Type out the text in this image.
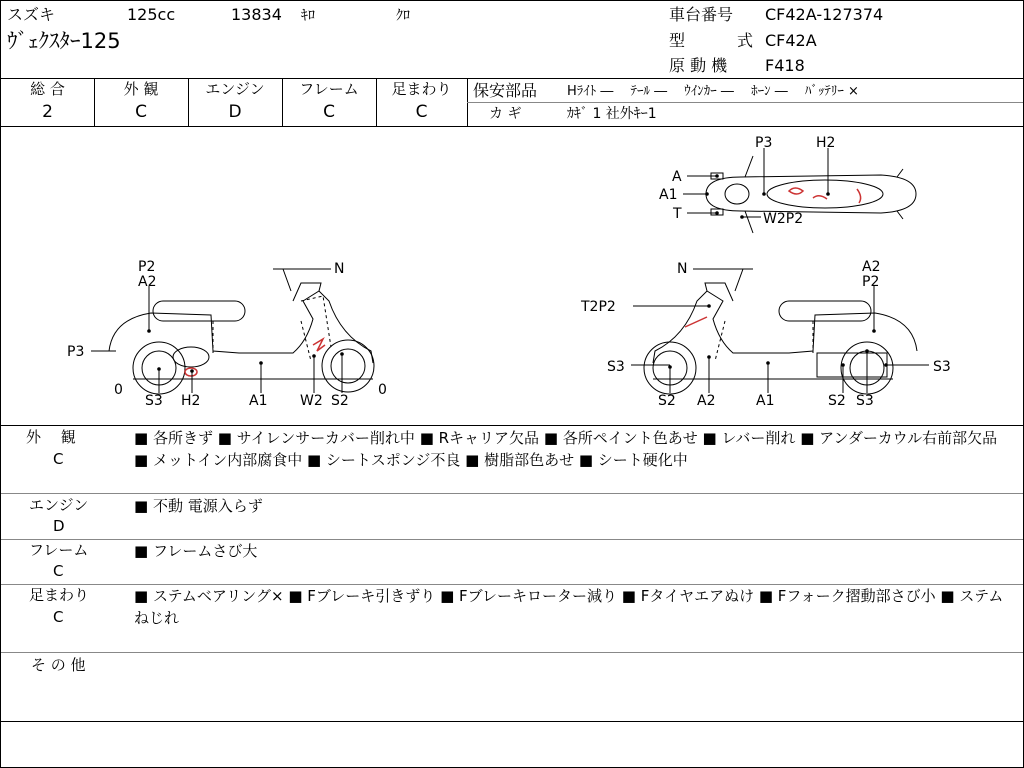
スズキ	125cc	13834 ｷﾛ	ｸﾛ
ｳﾞｪｸｽﾀｰ125
車台番号 CF42A-127374
型	式 CF42A
原 動 機 F418
総 合
2
外 観
C
エンジン
D
フレーム
C
足まわり
C
保安部品 Hﾗｲﾄ ―　 ﾃｰﾙ ―　 ｳｲﾝｶｰ ―　 ﾎｰﾝ ―　 ﾊﾞｯﾃﾘｰ ×
カ ギ	ｶｷﾞ 1 社外ｷｰ1
P2
A2
P3
N
0
S3 H2	A1 W2 S2
0
N	A2
P2
T2P2
S3	S3
S2 A2	A1	S2 S3
P3	H2
A
A1
T	W2P2
外　 観
C
■ 各所きず ■ サイレンサーカバー削れ中 ■ Rキャリア欠品 ■ 各所ペイント色あせ ■ レバー削れ ■ アンダーカウル右前部欠品 ■ メットイン内部腐食中 ■ シートスポンジ不良 ■ 樹脂部色あせ ■ シート硬化中
エンジン
D
■ 不動 電源入らず
フレーム
C
■ フレームさび大
足まわり
C
■ ステムベアリング× ■ Fブレーキ引きずり ■ Fブレーキローター減り ■ Fタイヤエアぬけ ■ Fフォーク摺動部さび小 ■ ステムねじれ
そ の 他
